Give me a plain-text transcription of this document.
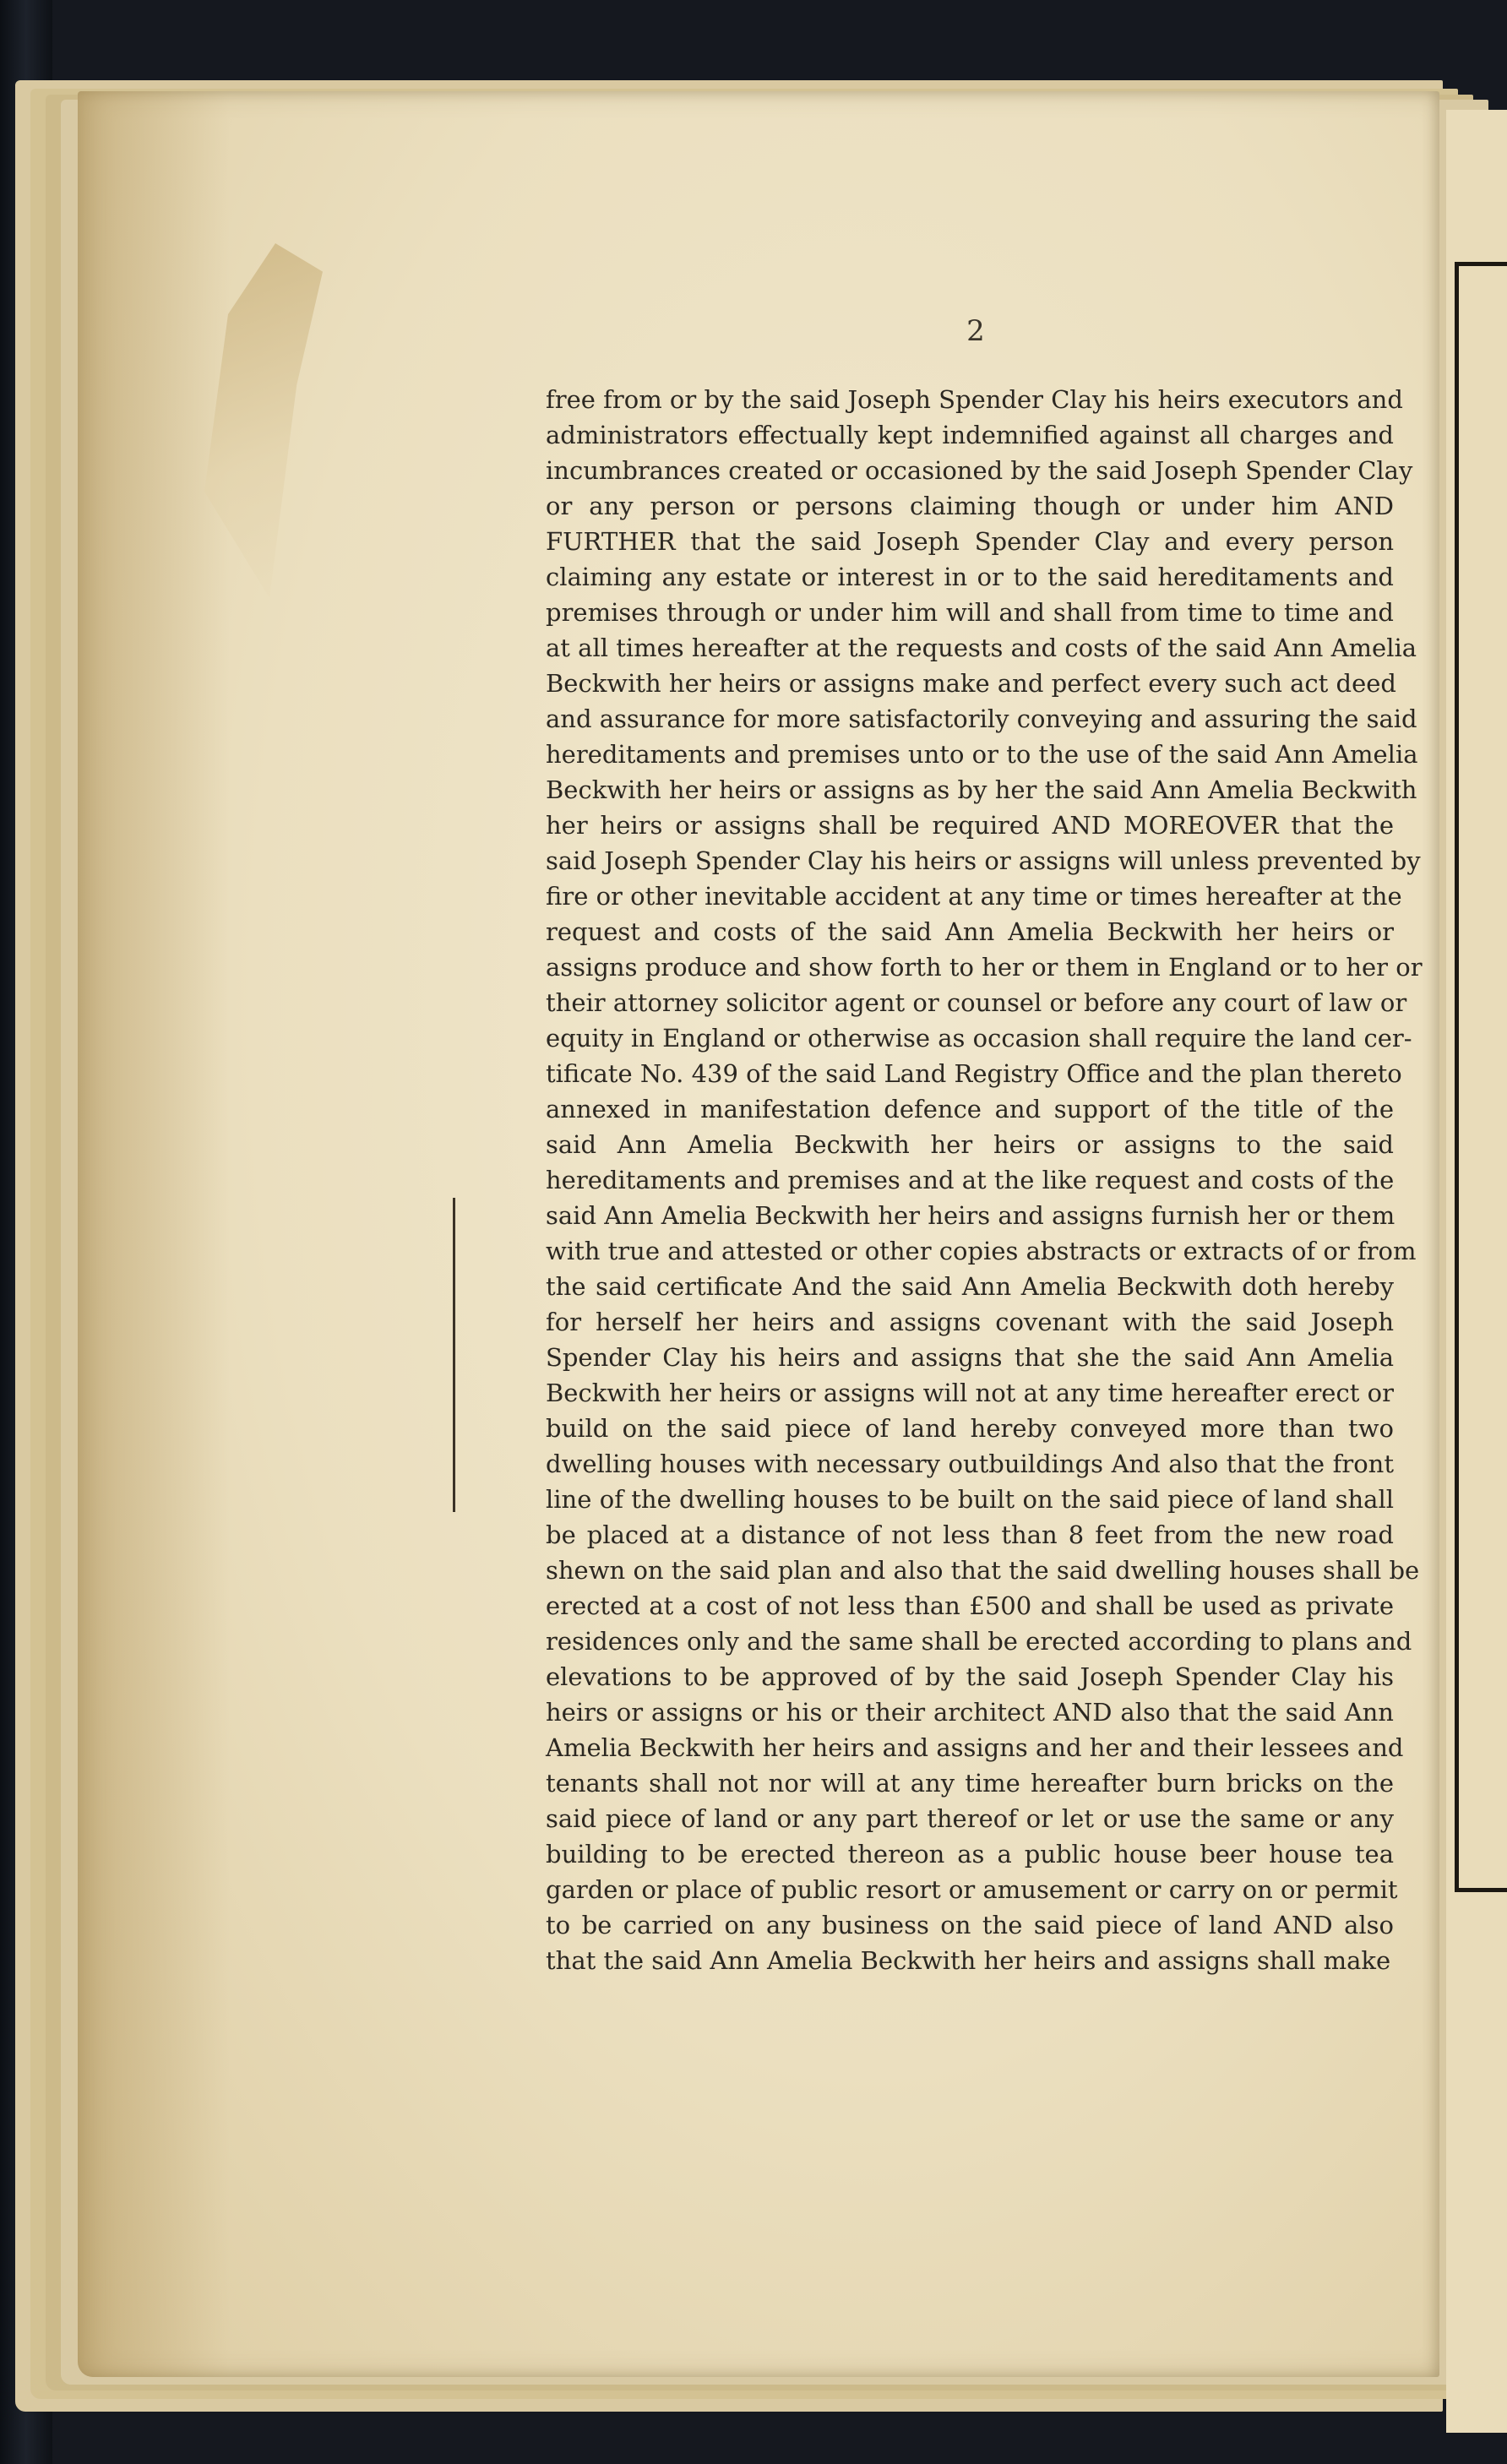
2
free from or by the said Joseph Spender Clay his heirs executors and
administrators effectually kept indemnified against all charges and
incumbrances created or occasioned by the said Joseph Spender Clay
or any person or persons claiming though or under him AND
FURTHER that the said Joseph Spender Clay and every person
claiming any estate or interest in or to the said hereditaments and
premises through or under him will and shall from time to time and
at all times hereafter at the requests and costs of the said Ann Amelia
Beckwith her heirs or assigns make and perfect every such act deed
and assurance for more satisfactorily conveying and assuring the said
hereditaments and premises unto or to the use of the said Ann Amelia
Beckwith her heirs or assigns as by her the said Ann Amelia Beckwith
her heirs or assigns shall be required AND MOREOVER that the
said Joseph Spender Clay his heirs or assigns will unless prevented by
fire or other inevitable accident at any time or times hereafter at the
request and costs of the said Ann Amelia Beckwith her heirs or
assigns produce and show forth to her or them in England or to her or
their attorney solicitor agent or counsel or before any court of law or
equity in England or otherwise as occasion shall require the land cer-
tificate No. 439 of the said Land Registry Office and the plan thereto
annexed in manifestation defence and support of the title of the
said Ann Amelia Beckwith her heirs or assigns to the said
hereditaments and premises and at the like request and costs of the
said Ann Amelia Beckwith her heirs and assigns furnish her or them
with true and attested or other copies abstracts or extracts of or from
the said certificate And the said Ann Amelia Beckwith doth hereby
for herself her heirs and assigns covenant with the said Joseph
Spender Clay his heirs and assigns that she the said Ann Amelia
Beckwith her heirs or assigns will not at any time hereafter erect or
build on the said piece of land hereby conveyed more than two
dwelling houses with necessary outbuildings And also that the front
line of the dwelling houses to be built on the said piece of land shall
be placed at a distance of not less than 8 feet from the new road
shewn on the said plan and also that the said dwelling houses shall be
erected at a cost of not less than £500 and shall be used as private
residences only and the same shall be erected according to plans and
elevations to be approved of by the said Joseph Spender Clay his
heirs or assigns or his or their architect AND also that the said Ann
Amelia Beckwith her heirs and assigns and her and their lessees and
tenants shall not nor will at any time hereafter burn bricks on the
said piece of land or any part thereof or let or use the same or any
building to be erected thereon as a public house beer house tea
garden or place of public resort or amusement or carry on or permit
to be carried on any business on the said piece of land AND also
that the said Ann Amelia Beckwith her heirs and assigns shall make
